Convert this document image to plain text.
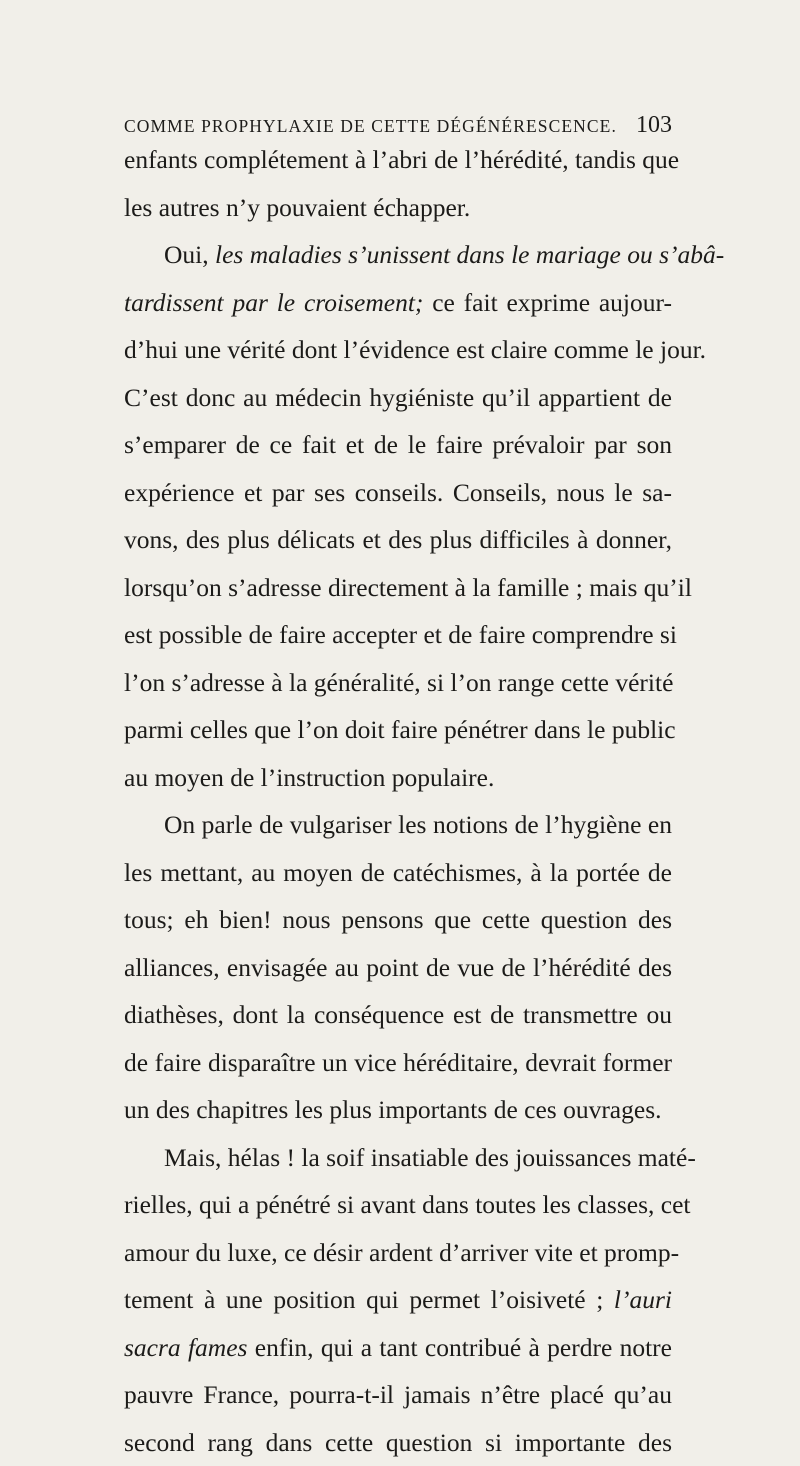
COMME PROPHYLAXIE DE CETTE DÉGÉNÉRESCENCE. 103
enfants complétement à l’abri de l’hérédité, tandis que
les autres n’y pouvaient échapper.
Oui, les maladies s’unissent dans le mariage ou s’abâ-
tardissent par le croisement; ce fait exprime aujour-
d’hui une vérité dont l’évidence est claire comme le jour.
C’est donc au médecin hygiéniste qu’il appartient de
s’emparer de ce fait et de le faire prévaloir par son
expérience et par ses conseils. Conseils, nous le sa-
vons, des plus délicats et des plus difficiles à donner,
lorsqu’on s’adresse directement à la famille ; mais qu’il
est possible de faire accepter et de faire comprendre si
l’on s’adresse à la généralité, si l’on range cette vérité
parmi celles que l’on doit faire pénétrer dans le public
au moyen de l’instruction populaire.
On parle de vulgariser les notions de l’hygiène en
les mettant, au moyen de catéchismes, à la portée de
tous; eh bien! nous pensons que cette question des
alliances, envisagée au point de vue de l’hérédité des
diathèses, dont la conséquence est de transmettre ou
de faire disparaître un vice héréditaire, devrait former
un des chapitres les plus importants de ces ouvrages.
Mais, hélas ! la soif insatiable des jouissances maté-
rielles, qui a pénétré si avant dans toutes les classes, cet
amour du luxe, ce désir ardent d’arriver vite et promp-
tement à une position qui permet l’oisiveté ; l’auri
sacra fames enfin, qui a tant contribué à perdre notre
pauvre France, pourra-t-il jamais n’être placé qu’au
second rang dans cette question si importante des
